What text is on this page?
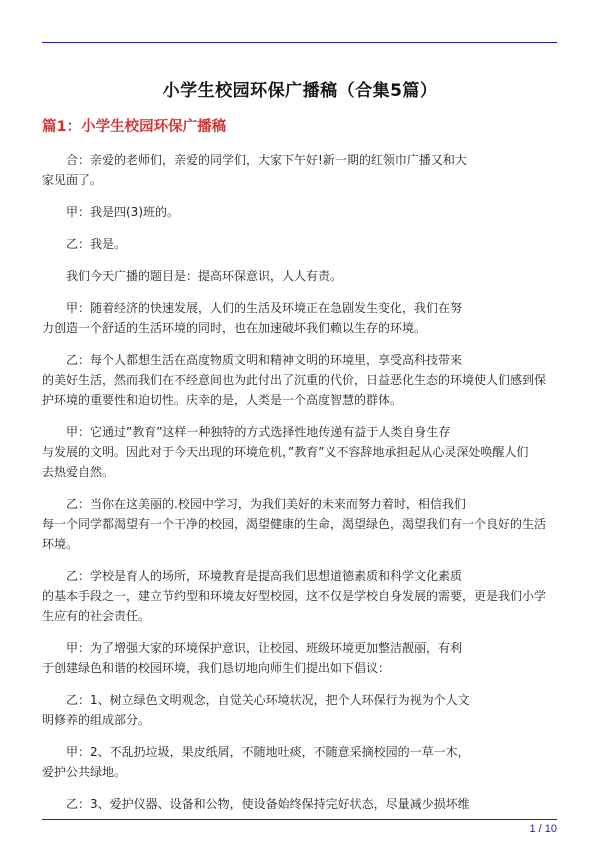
小学生校园环保广播稿（合集5篇）
篇1：小学生校园环保广播稿

合：亲爱的老师们，亲爱的同学们，大家下午好!新一期的红领巾广播又和大
家见面了。

甲：我是四(3)班的。

乙：我是。

我们今天广播的题目是：提高环保意识，人人有责。

甲：随着经济的快速发展，人们的生活及环境正在急剧发生变化，我们在努
力创造一个舒适的生活环境的同时，也在加速破坏我们赖以生存的环境。

乙：每个人都想生活在高度物质文明和精神文明的环境里，享受高科技带来
的美好生活，然而我们在不经意间也为此付出了沉重的代价，日益恶化生态的环境使人们感到保
护环境的重要性和迫切性。庆幸的是，人类是一个高度智慧的群体。

甲：它通过”教育”这样一种独特的方式选择性地传递有益于人类自身生存
与发展的文明。因此对于今天出现的环境危机，”教育”义不容辞地承担起从心灵深处唤醒人们
去热爱自然。

乙：当你在这美丽的.校园中学习，为我们美好的未来而努力着时，相信我们
每一个同学都渴望有一个干净的校园，渴望健康的生命，渴望绿色，渴望我们有一个良好的生活
环境。

乙：学校是育人的场所，环境教育是提高我们思想道德素质和科学文化素质
的基本手段之一，建立节约型和环境友好型校园，这不仅是学校自身发展的需要，更是我们小学
生应有的社会责任。

甲：为了增强大家的环境保护意识，让校园、班级环境更加整洁靓丽，有利
于创建绿色和谐的校园环境，我们恳切地向师生们提出如下倡议：

乙：1、树立绿色文明观念，自觉关心环境状况，把个人环保行为视为个人文
明修养的组成部分。

甲：2、不乱扔垃圾，果皮纸屑，不随地吐痰，不随意采摘校园的一草一木，
爱护公共绿地。

乙：3、爱护仪器、设备和公物，使设备始终保持完好状态，尽量减少损坏维

1 / 10
